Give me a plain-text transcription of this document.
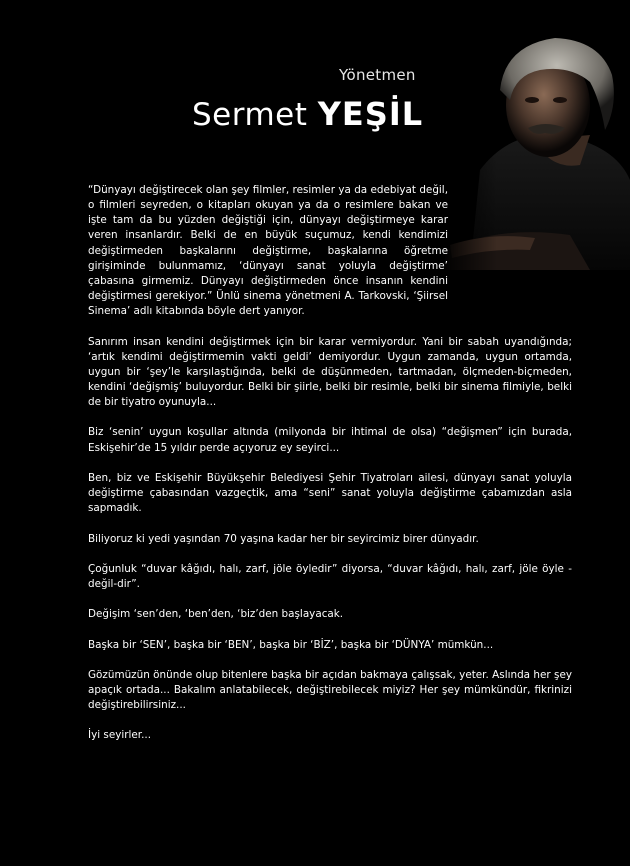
Yönetmen
Sermet YEŞİL

“Dünyayı değiştirecek olan şey filmler, resimler ya da edebiyat değil, o filmleri seyreden, o kitapları okuyan ya da o resimlere bakan ve işte tam da bu yüzden değiştiği için, dünyayı değiştirmeye karar veren insanlardır. Belki de en büyük suçumuz, kendi kendimizi değiştirmeden başkalarını değiştirme, başkalarına öğretme girişiminde bulunmamız, ‘dünyayı sanat yoluyla değiştirme’ çabasına girmemiz. Dünyayı değiştirmeden önce insanın kendini değiştirmesi gerekiyor.” Ünlü sinema yönetmeni A. Tarkovski, ‘Şiirsel Sinema’ adlı kitabında böyle dert yanıyor.

Sanırım insan kendini değiştirmek için bir karar vermiyordur. Yani bir sabah uyandığında; ‘artık kendimi değiştirmemin vakti geldi’ demiyordur. Uygun zamanda, uygun ortamda, uygun bir ‘şey’le karşılaştığında, belki de düşünmeden, tartmadan, ölçmeden-biçmeden, kendini ‘değişmiş’ buluyordur. Belki bir şiirle, belki bir resimle, belki bir sinema filmiyle, belki de bir tiyatro oyunuyla...

Biz ‘senin’ uygun koşullar altında (milyonda bir ihtimal de olsa) “değişmen” için burada, Eskişehir’de 15 yıldır perde açıyoruz ey seyirci...

Ben, biz ve Eskişehir Büyükşehir Belediyesi Şehir Tiyatroları ailesi, dünyayı sanat yoluyla değiştirme çabasından vazgeçtik, ama “seni” sanat yoluyla değiştirme çabamızdan asla sapmadık.

Biliyoruz ki yedi yaşından 70 yaşına kadar her bir seyircimiz birer dünyadır.

Çoğunluk “duvar kâğıdı, halı, zarf, jöle öyledir” diyorsa, “duvar kâğıdı, halı, zarf, jöle öyle -değil-dir”.

Değişim ‘sen’den, ‘ben’den, ‘biz’den başlayacak.

Başka bir ‘SEN’, başka bir ‘BEN’, başka bir ‘BİZ’, başka bir ‘DÜNYA’ mümkün...

Gözümüzün önünde olup bitenlere başka bir açıdan bakmaya çalışsak, yeter. Aslında her şey apaçık ortada... Bakalım anlatabilecek, değiştirebilecek miyiz? Her şey mümkündür, fikrinizi değiştirebilirsiniz...

İyi seyirler...
